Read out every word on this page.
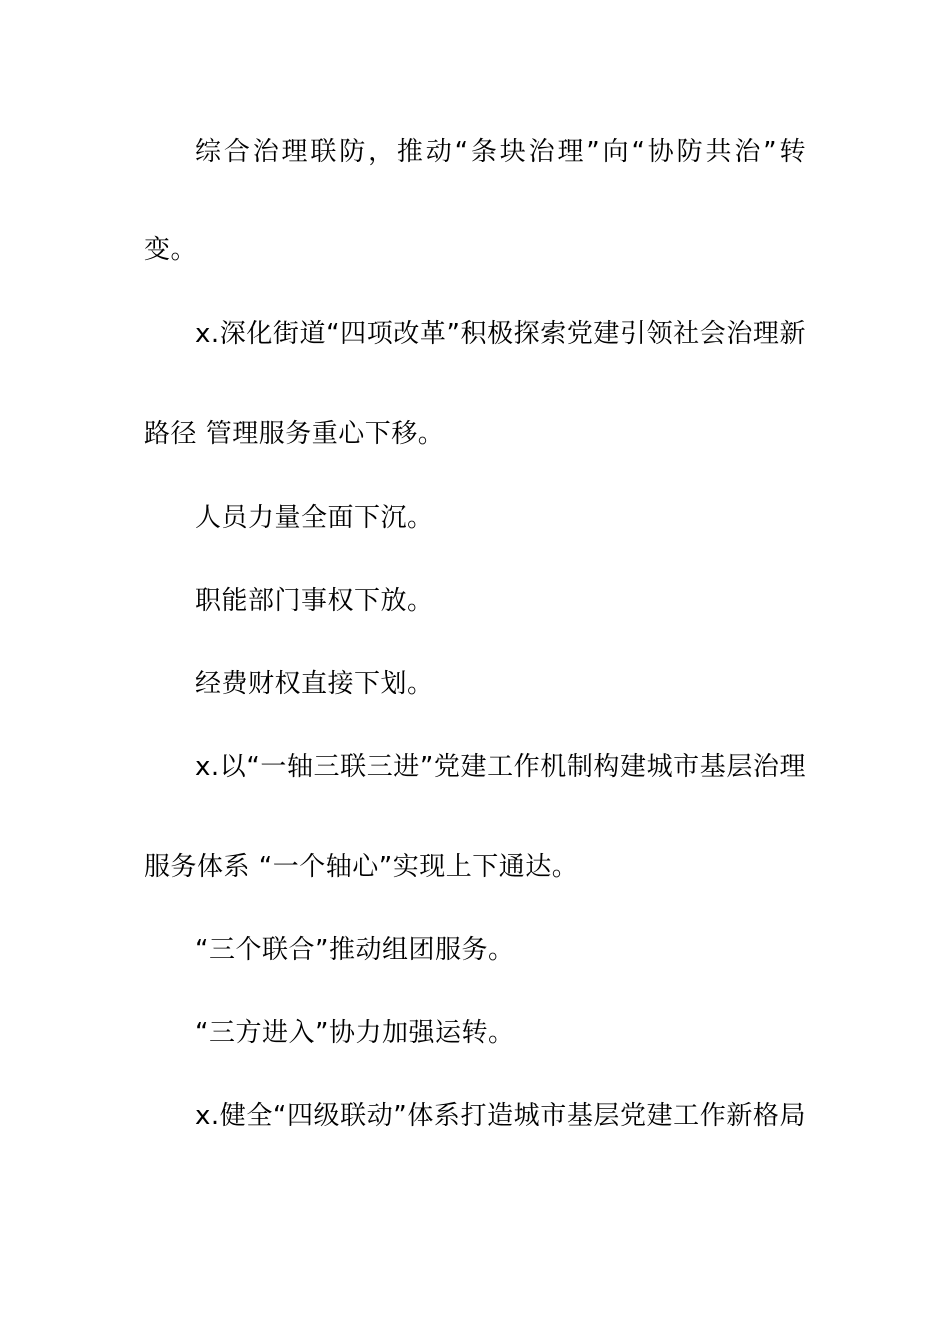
综合治理联防，推动“条块治理”向“协防共治”转
变。
x.深化街道“四项改革”积极探索党建引领社会治理新
路径 管理服务重心下移。
人员力量全面下沉。
职能部门事权下放。
经费财权直接下划。
x.以“一轴三联三进”党建工作机制构建城市基层治理
服务体系 “一个轴心”实现上下通达。
“三个联合”推动组团服务。
“三方进入”协力加强运转。
x.健全“四级联动”体系打造城市基层党建工作新格局
